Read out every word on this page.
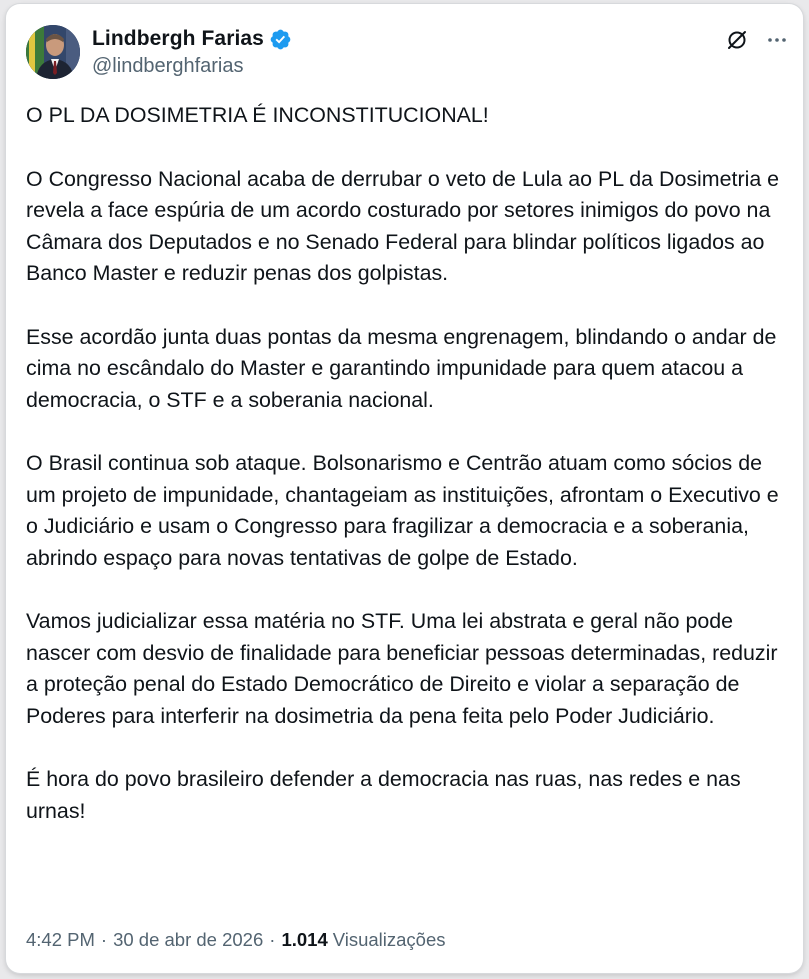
Lindbergh Farias
@lindberghfarias

O PL DA DOSIMETRIA É INCONSTITUCIONAL!

O Congresso Nacional acaba de derrubar o veto de Lula ao PL da Dosimetria e revela a face espúria de um acordo costurado por setores inimigos do povo na Câmara dos Deputados e no Senado Federal para blindar políticos ligados ao Banco Master e reduzir penas dos golpistas.

Esse acordão junta duas pontas da mesma engrenagem, blindando o andar de cima no escândalo do Master e garantindo impunidade para quem atacou a democracia, o STF e a soberania nacional.

O Brasil continua sob ataque. Bolsonarismo e Centrão atuam como sócios de um projeto de impunidade, chantageiam as instituições, afrontam o Executivo e o Judiciário e usam o Congresso para fragilizar a democracia e a soberania, abrindo espaço para novas tentativas de golpe de Estado.

Vamos judicializar essa matéria no STF. Uma lei abstrata e geral não pode nascer com desvio de finalidade para beneficiar pessoas determinadas, reduzir a proteção penal do Estado Democrático de Direito e violar a separação de Poderes para interferir na dosimetria da pena feita pelo Poder Judiciário.

É hora do povo brasileiro defender a democracia nas ruas, nas redes e nas urnas!

4:42 PM · 30 de abr de 2026 · 1.014 Visualizações
